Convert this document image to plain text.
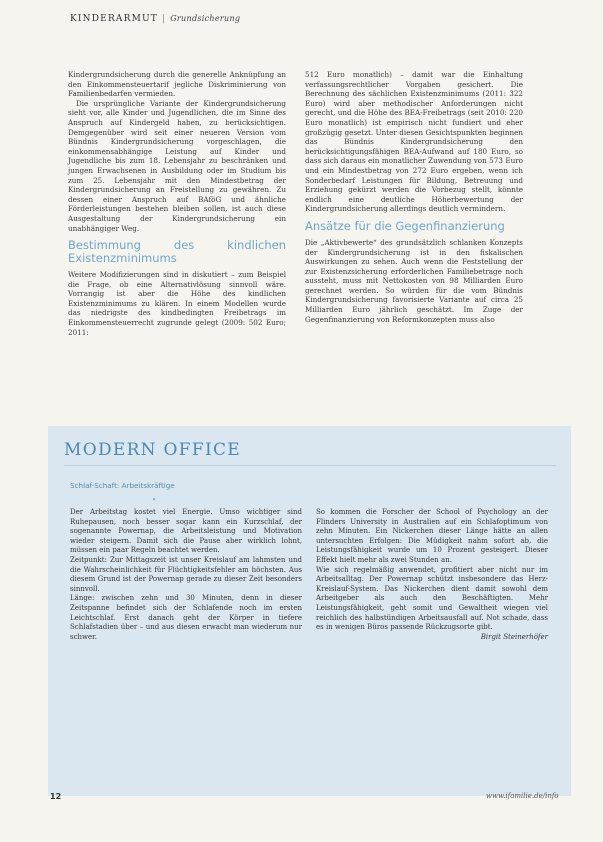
KINDERARMUT | Grundsicherung

Kindergrundsicherung durch die generelle Anknüpfung an den Einkommensteuertarif jegliche Diskriminierung von Familienbedarfen vermieden.

Die ursprüngliche Variante der Kindergrundsicherung sieht vor, alle Kinder und Jugendlichen, die im Sinne des Anspruch auf Kindergeld haben, zu berücksichtigen. Demgegenüber wird seit einer neueren Version vom Bündnis Kindergrundsicherung vorgeschlagen, die einkommensabhängige Leistung auf Kinder und Jugendliche bis zum 18. Lebensjahr zu beschränken und jungen Erwachsenen in Ausbildung oder im Studium bis zum 25. Lebensjahr mit den Mindestbetrag der Kindergrundsicherung an Freistellung zu gewähren. Zu dessen einer Anspruch auf BAföG und ähnliche Förderleistungen bestehen bleiben sollen, ist auch diese Ausgestaltung der Kindergrundsicherung ein unabhängiger Weg.

Bestimmung des kindlichen Existenzminimums

Weitere Modifizierungen sind in diskutiert – zum Beispiel die Frage, ob eine Alternativlösung sinnvoll wäre. Vorrangig ist aber die Höhe des kindlichen Existenzminimums zu klären. In einem Modellen wurde das niedrigste des kindbedingten Freibetrags im Einkommensteuerrecht zugrunde gelegt (2009: 502 Euro; 2011:

512 Euro monatlich) – damit war die Einhaltung verfassungsrechtlicher Vorgaben gesichert. Die Berechnung des sächlichen Existenzminimums (2011: 322 Euro) wird aber methodischer Anforderungen nicht gerecht, und die Höhe des BEA-Freibetrags (seit 2010: 220 Euro monatlich) ist empirisch nicht fundiert und eher großzügig gesetzt. Unter diesen Gesichtspunkten beginnen das Bündnis Kindergrundsicherung den berücksichtigungsfähigen BEA-Aufwand auf 180 Euro, so dass sich daraus ein monatlicher Zuwendung von 573 Euro und ein Mindestbetrag von 272 Euro ergeben, wenn ich Sonderbedarf Leistungen für Bildung, Betreuung und Erziehung gekürzt werden die Vorbezug stellt, könnte endlich eine deutliche Höherbewertung der Kindergrundsicherung allerdings deutlich vermindern.

Ansätze für die Gegenfinanzierung

Die „Aktivbewerte“ des grundsätzlich schlanken Konzepts der Kindergrundsicherung ist in den fiskalischen Auswirkungen zu sehen. Auch wenn die Feststellung der zur Existenzsicherung erforderlichen Familiebetrage noch aussteht, muss mit Nettokosten von 98 Milliarden Euro gerechnet werden. So würden für die vom Bündnis Kindergrundsicherung favorisierte Variante auf circa 25 Milliarden Euro jährlich geschätzt. Im Zuge der Gegenfinanzierung von Reformkonzepten muss also

MODERN OFFICE
Schlaf-Schaft: Arbeitskräftige
•

Der Arbeitstag kostet viel Energie. Umso wichtiger sind Ruhepausen, noch besser sogar kann ein Kurzschlaf, der sogenannte Powernap, die Arbeitsleistung und Motivation wieder steigern. Damit sich die Pause aber wirklich lohnt, müssen ein paar Regeln beachtet werden.

Zeitpunkt: Zur Mittagszeit ist unser Kreislauf am lahmsten und die Wahrscheinlichkeit für Flüchtigkeitsfehler am höchsten. Aus diesem Grund ist der Powernap gerade zu dieser Zeit besonders sinnvoll.

Länge: zwischen zehn und 30 Minuten, denn in dieser Zeitspanne befindet sich der Schlafende noch im ersten Leichtschlaf. Erst danach geht der Körper in tiefere Schlafstadien über – und aus diesen erwacht man wiederum nur schwer.

So kommen die Forscher der School of Psychology an der Flinders University in Australien auf ein Schlafoptimum von zehn Minuten. Ein Nickerchen dieser Länge hätte an allen untersuchten Erfolgen: Die Müdigkeit nahm sofort ab, die Leistungsfähigkeit wurde um 10 Prozent gesteigert. Dieser Effekt hielt mehr als zwei Stunden an.

Wie sich regelmäßig anwendet, profitiert aber nicht nur im Arbeitsalltag. Der Powernap schützt insbesondere das Herz-Kreislauf-System. Das Nickerchen dient damit sowohl dem Arbeitgeber als auch den Beschäftigten. Mehr Leistungsfähigkeit, geht somit und Gewaltheit wiegen viel reichlich des halbstündigen Arbeitsausfall auf. Not schade, dass es in wenigen Büros passende Rückzugsorte gibt.
Birgit Steinerhöfer

12	www.ifamilie.de/info
